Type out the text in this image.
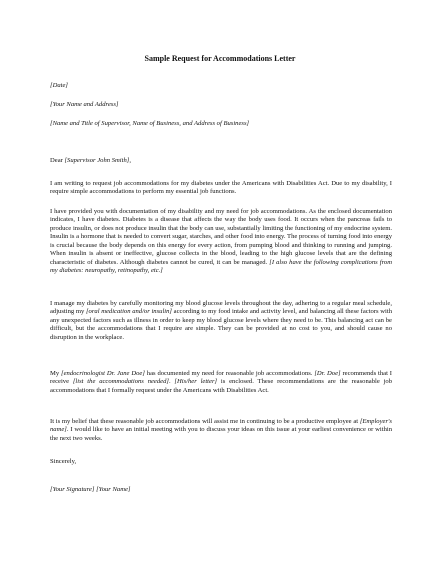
Sample Request for Accommodations Letter
[Date]
[Your Name and Address]
[Name and Title of Supervisor, Name of Business, and Address of Business]
Dear [Supervisor John Smith],
I am writing to request job accommodations for my diabetes under the Americans with Disabilities Act. Due to my disability, I require simple accommodations to perform my essential job functions.
I have provided you with documentation of my disability and my need for job accommodations. As the enclosed documentation indicates, I have diabetes. Diabetes is a disease that affects the way the body uses food. It occurs when the pancreas fails to produce insulin, or does not produce insulin that the body can use, substantially limiting the functioning of my endocrine system. Insulin is a hormone that is needed to convert sugar, starches, and other food into energy. The process of turning food into energy is crucial because the body depends on this energy for every action, from pumping blood and thinking to running and jumping. When insulin is absent or ineffective, glucose collects in the blood, leading to the high glucose levels that are the defining characteristic of diabetes. Although diabetes cannot be cured, it can be managed. [I also have the following complications from my diabetes: neuropathy, retinopathy, etc.]
I manage my diabetes by carefully monitoring my blood glucose levels throughout the day, adhering to a regular meal schedule, adjusting my [oral medication and/or insulin] according to my food intake and activity level, and balancing all these factors with any unexpected factors such as illness in order to keep my blood glucose levels where they need to be. This balancing act can be difficult, but the accommodations that I require are simple. They can be provided at no cost to you, and should cause no disruption in the workplace.
My [endocrinologist Dr. Jane Doe] has documented my need for reasonable job accommodations. [Dr. Doe] recommends that I receive [list the accommodations needed]. [His/her letter] is enclosed. These recommendations are the reasonable job accommodations that I formally request under the Americans with Disabilities Act.
It is my belief that these reasonable job accommodations will assist me in continuing to be a productive employee at [Employer's name]. I would like to have an initial meeting with you to discuss your ideas on this issue at your earliest convenience or within the next two weeks.
Sincerely,
[Your Signature] [Your Name]
